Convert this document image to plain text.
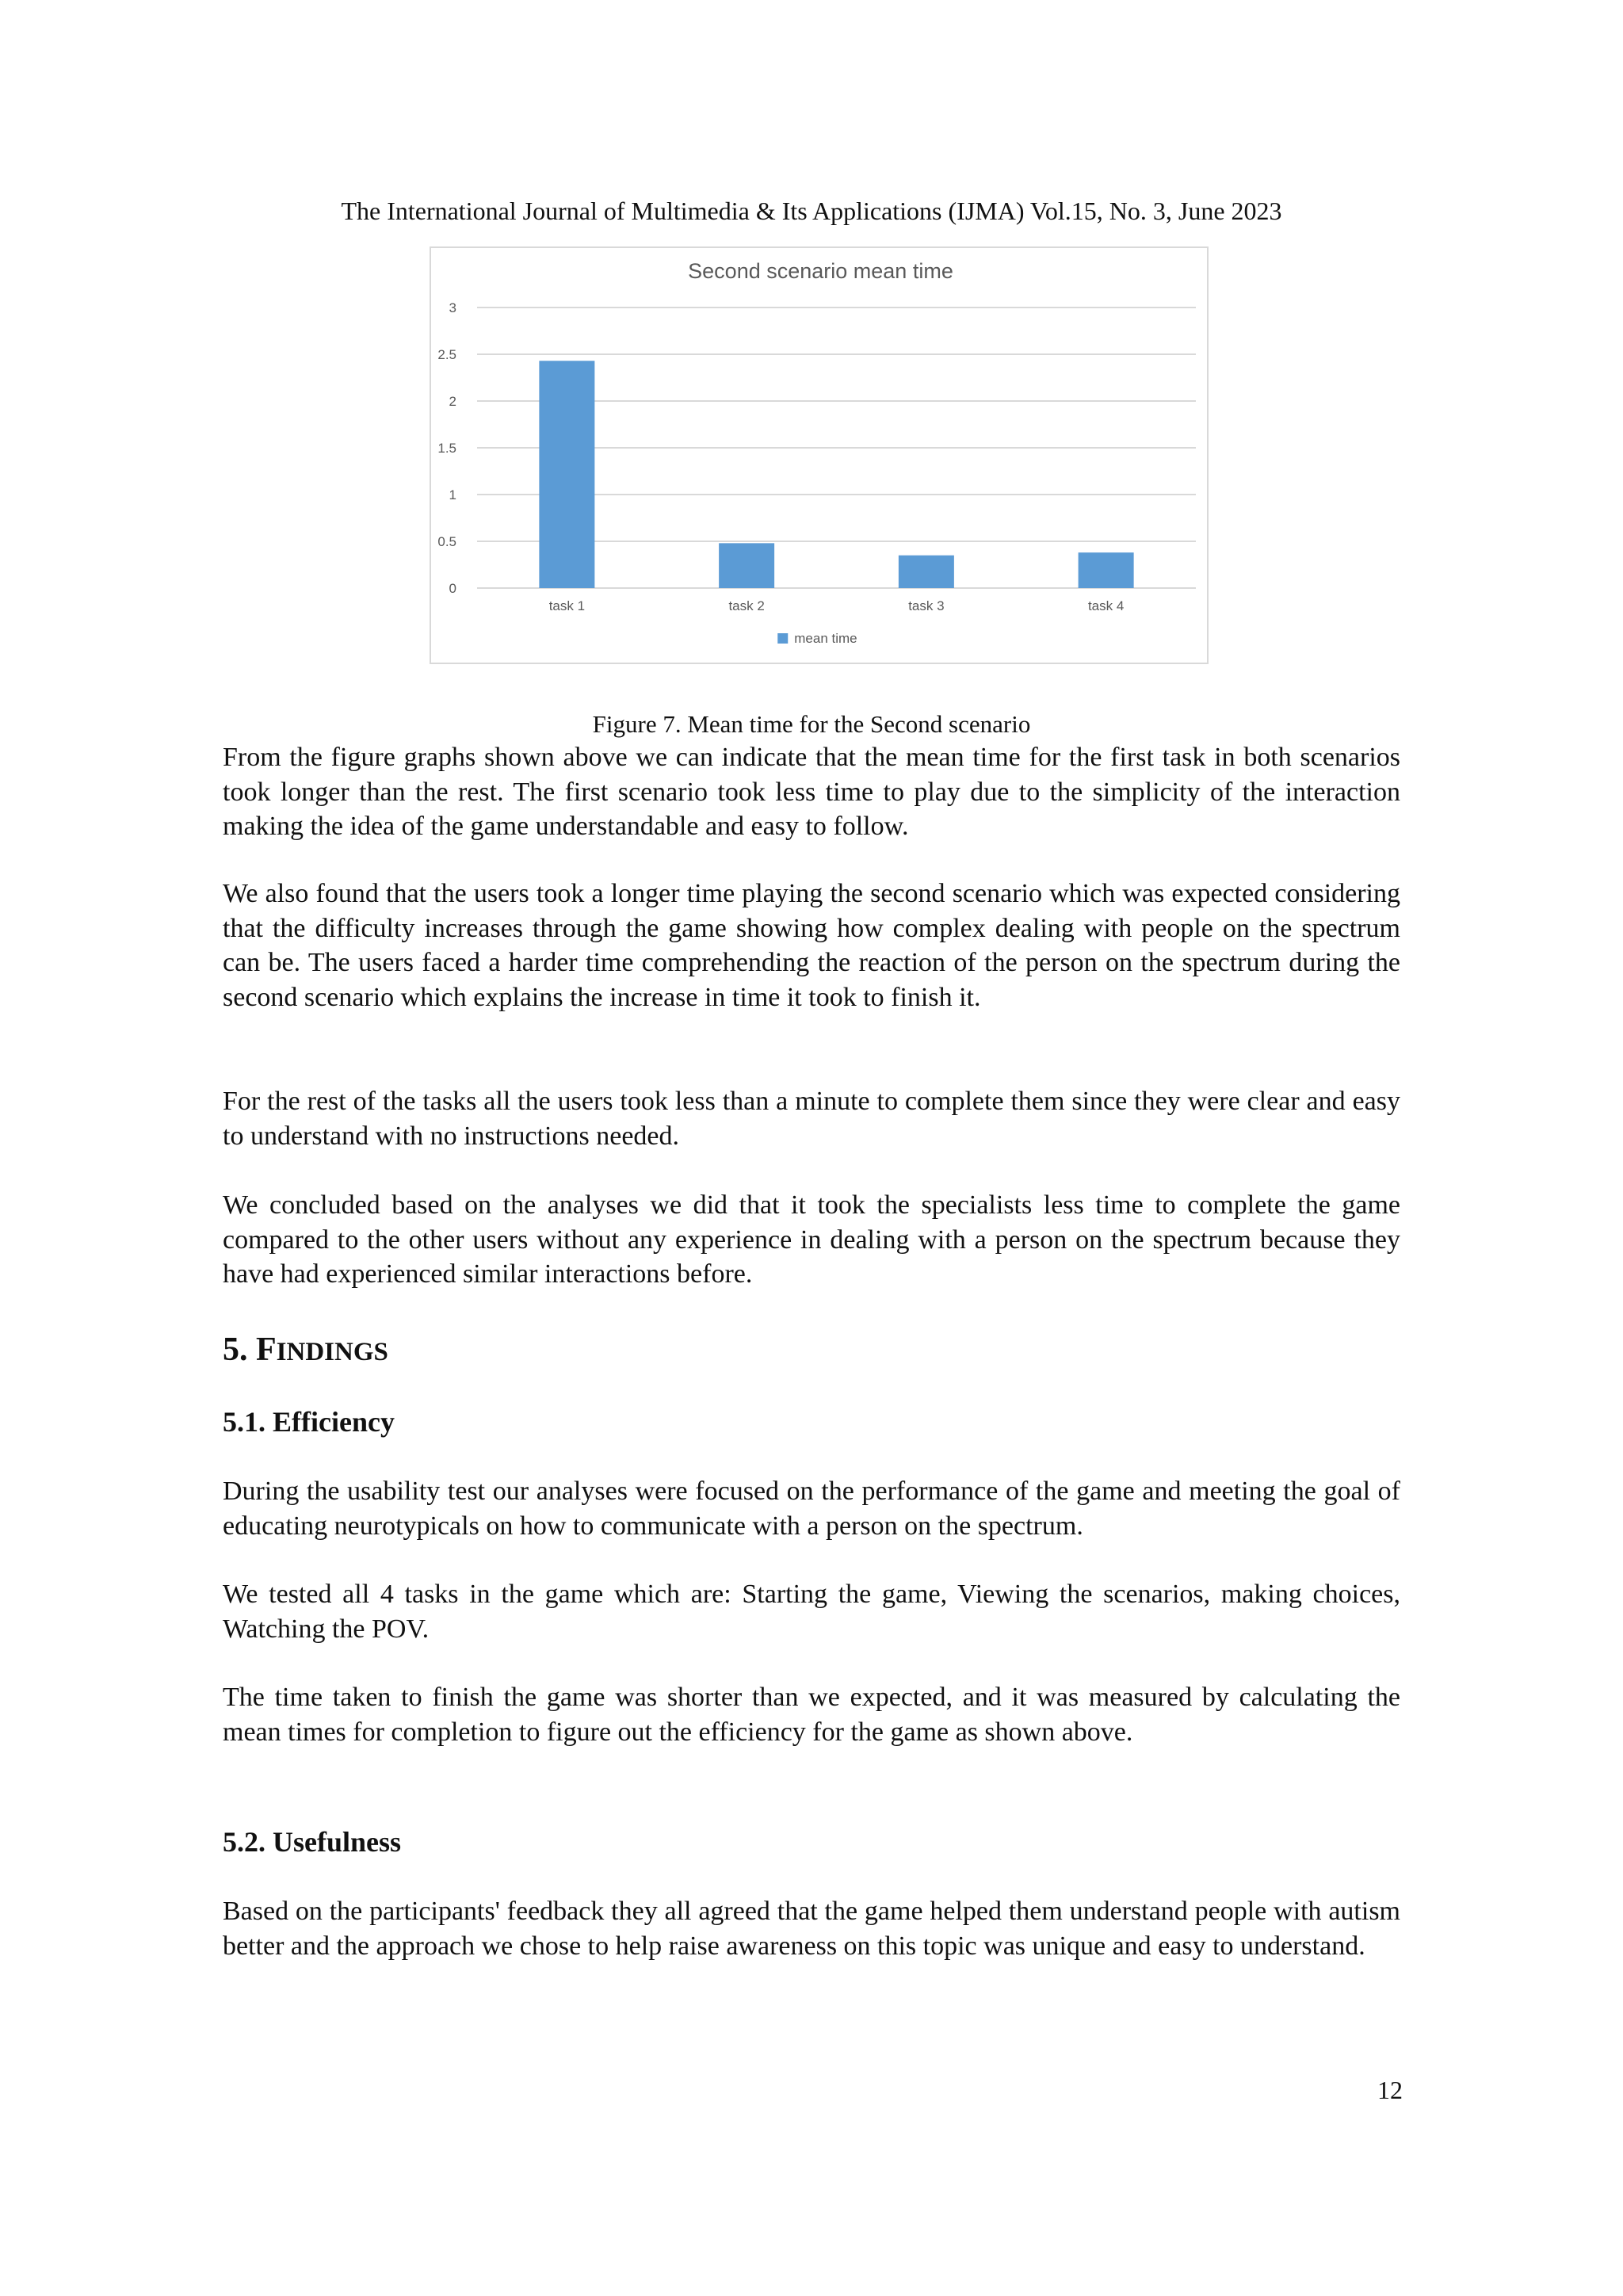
The International Journal of Multimedia & Its Applications (IJMA) Vol.15, No. 3, June 2023
Second scenario mean time
0
0.5
1
1.5
2
2.5
3
task 1	task 2	task 3	task 4
mean time
Figure 7. Mean time for the Second scenario

From the figure graphs shown above we can indicate that the mean time for the first task in both scenarios took longer than the rest. The first scenario took less time to play due to the simplicity of the interaction making the idea of the game understandable and easy to follow.

We also found that the users took a longer time playing the second scenario which was expected considering that the difficulty increases through the game showing how complex dealing with people on the spectrum can be. The users faced a harder time comprehending the reaction of the person on the spectrum during the second scenario which explains the increase in time it took to finish it.

For the rest of the tasks all the users took less than a minute to complete them since they were clear and easy to understand with no instructions needed.

We concluded based on the analyses we did that it took the specialists less time to complete the game compared to the other users without any experience in dealing with a person on the spectrum because they have had experienced similar interactions before.

5. FINDINGS
5.1. Efficiency

During the usability test our analyses were focused on the performance of the game and meeting the goal of educating neurotypicals on how to communicate with a person on the spectrum.

We tested all 4 tasks in the game which are: Starting the game, Viewing the scenarios, making choices, Watching the POV.

The time taken to finish the game was shorter than we expected, and it was measured by calculating the mean times for completion to figure out the efficiency for the game as shown above.

5.2. Usefulness

Based on the participants' feedback they all agreed that the game helped them understand people with autism better and the approach we chose to help raise awareness on this topic was unique and easy to understand.

12
